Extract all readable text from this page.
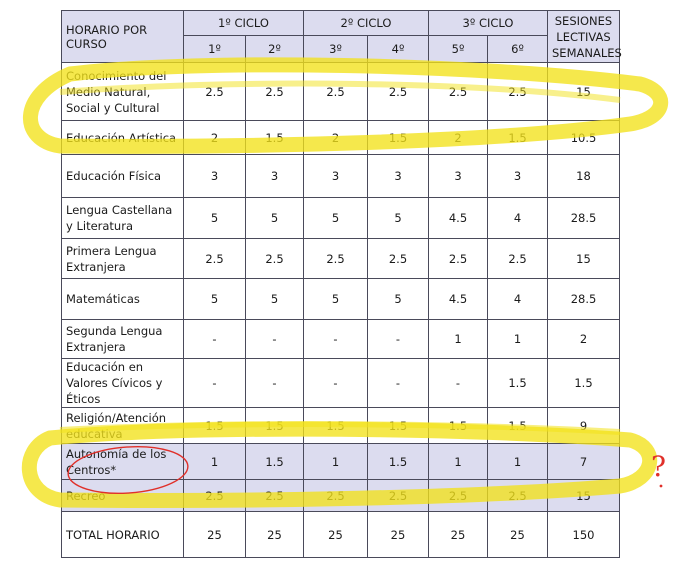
HORARIO POR CURSO	1º CICLO		2º CICLO		3º CICLO		SESIONES LECTIVAS SEMANALES
	1º	2º	3º	4º	5º	6º	
Conocimiento del Medio Natural, Social y Cultural	2.5	2.5	2.5	2.5	2.5	2.5	15
Educación Artística	2	1.5	2	1.5	2	1.5	10.5
Educación Física	3	3	3	3	3	3	18
Lengua Castellana y Literatura	5	5	5	5	4.5	4	28.5
Primera Lengua Extranjera	2.5	2.5	2.5	2.5	2.5	2.5	15
Matemáticas	5	5	5	5	4.5	4	28.5
Segunda Lengua Extranjera	-	-	-	-	1	1	2
Educación en Valores Cívicos y Éticos	-	-	-	-	-	1.5	1.5
Religión/Atención educativa	1.5	1.5	1.5	1.5	1.5	1.5	9
Autonomía de los Centros*	1	1.5	1	1.5	1	1	7
Recreo	2.5	2.5	2.5	2.5	2.5	2.5	15
TOTAL HORARIO	25	25	25	25	25	25	150
?
